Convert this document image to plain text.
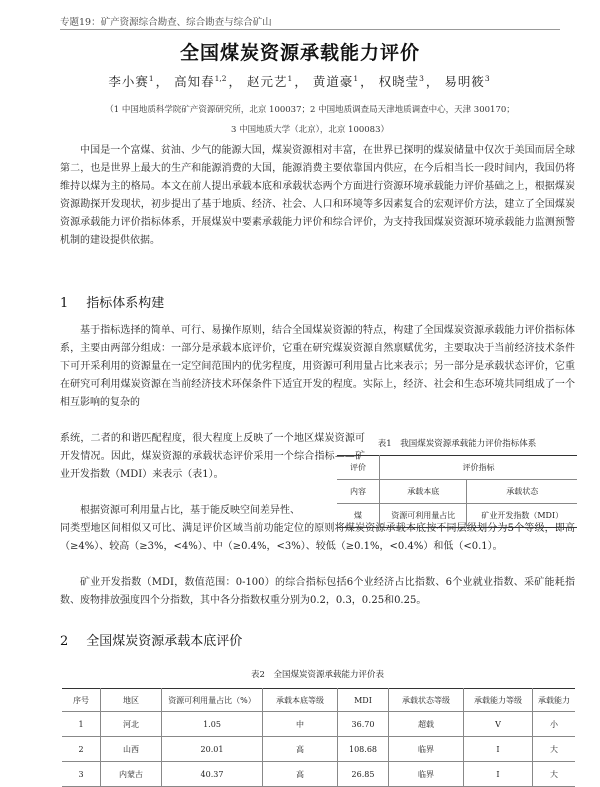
专题19：矿产资源综合勘查、综合勘查与综合矿山
全国煤炭资源承载能力评价
李小赛$^1$ ， 高知春$^{1,2}$ ， 赵元艺$^1$ ， 黄道豪$^1$ ， 权晓莹$^3$ ， 易明筱$^3$
（1 中国地质科学院矿产资源研究所，北京 100037；2 中国地质调查局天津地质调查中心，天津 300170；
3 中国地质大学（北京），北京 100083）
中国是一个富煤、贫油、少气的能源大国，煤炭资源相对丰富，在世界已探明的煤炭储量中仅次于美国而居全球第二，也是世界上最大的生产和能源消费的大国，能源消费主要依靠国内供应，在今后相当长一段时间内，我国仍将维持以煤为主的格局。本文在前人提出承载本底和承载状态两个方面进行资源环境承载能力评价基础之上，根据煤炭资源勘探开发现状，初步提出了基于地质、经济、社会、人口和环境等多因素复合的宏观评价方法，建立了全国煤炭资源承载能力评价指标体系，开展煤炭中要素承载能力评价和综合评价，为支持我国煤炭资源环境承载能力监测预警机制的建设提供依据。
1 指标体系构建
基于指标选择的简单、可行、易操作原则，结合全国煤炭资源的特点，构建了全国煤炭资源承载能力评价指标体系，主要由两部分组成：一部分是承载本底评价，它重在研究煤炭资源自然禀赋优劣，主要取决于当前经济技术条件下可开采利用的资源量在一定空间范围内的优劣程度，用资源可利用量占比来表示；另一部分是承载状态评价，它重在研究可利用煤炭资源在当前经济技术环保条件下适宜开发的程度。实际上，经济、社会和生态环境共同组成了一个相互影响的复杂的
系统，二者的和谐匹配程度，很大程度上反映了一个地区煤炭资源可开发情况。因此，煤炭资源的承载状态评价采用一个综合指标——矿业开发指数（MDI）来表示（表1）。
根据资源可利用量占比，基于能反映空间差异性、
同类型地区间相似又可比、满足评价区域当前功能定位的原则将煤炭资源承载本底按不同层级划分为5个等级，即高（≥4%）、较高（≥3%，<4%）、中（≥0.4%，<3%）、较低（≥0.1%，<0.4%）和低（<0.1）。
矿业开发指数（MDI，数值范围：0-100）的综合指标包括6个业经济占比指数、6个业就业指数、采矿能耗指数、废物排放强度四个分指数，其中各分指数权重分别为0.2，0.3，0.25和0.25。
表1　我国煤炭资源承载能力评价指标体系
评价	评价指标	
内容	承载本底	承载状态
煤	资源可利用量占比	矿业开发指数（MDI）
2 全国煤炭资源承载本底评价
表2　全国煤炭资源承载能力评价表
序号	地区	资源可利用量占比（%）	承载本底等级	MDI	承载状态等级	承载能力等级	承载能力
1	河北	1.05	中	36.70	超载	Ⅴ	小
2	山西	20.01	高	108.68	临界	Ⅰ	大
3	内蒙古	40.37	高	26.85	临界	Ⅰ	大
